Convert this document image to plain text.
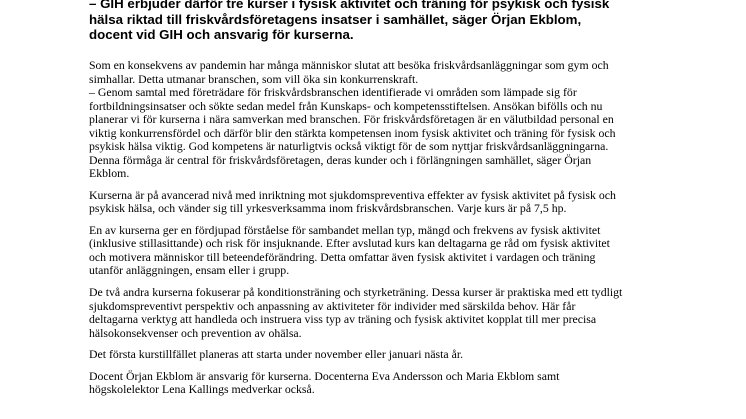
– GIH erbjuder därför tre kurser i fysisk aktivitet och träning för psykisk och fysisk
hälsa riktad till friskvårdsföretagens insatser i samhället, säger Örjan Ekblom,
docent vid GIH och ansvarig för kurserna.

Som en konsekvens av pandemin har många människor slutat att besöka friskvårdsanläggningar som gym och
simhallar. Detta utmanar branschen, som vill öka sin konkurrenskraft.
– Genom samtal med företrädare för friskvårdsbranschen identifierade vi områden som lämpade sig för
fortbildningsinsatser och sökte sedan medel från Kunskaps- och kompetensstiftelsen. Ansökan bifölls och nu
planerar vi för kurserna i nära samverkan med branschen. För friskvårdsföretagen är en välutbildad personal en
viktig konkurrensfördel och därför blir den stärkta kompetensen inom fysisk aktivitet och träning för fysisk och
psykisk hälsa viktig. God kompetens är naturligtvis också viktigt för de som nyttjar friskvårdsanläggningarna.
Denna förmåga är central för friskvårdsföretagen, deras kunder och i förlängningen samhället, säger Örjan
Ekblom.

Kurserna är på avancerad nivå med inriktning mot sjukdomspreventiva effekter av fysisk aktivitet på fysisk och
psykisk hälsa, och vänder sig till yrkesverksamma inom friskvårdsbranschen. Varje kurs är på 7,5 hp.

En av kurserna ger en fördjupad förståelse för sambandet mellan typ, mängd och frekvens av fysisk aktivitet
(inklusive stillasittande) och risk för insjuknande. Efter avslutad kurs kan deltagarna ge råd om fysisk aktivitet
och motivera människor till beteendeförändring. Detta omfattar även fysisk aktivitet i vardagen och träning
utanför anläggningen, ensam eller i grupp.

De två andra kurserna fokuserar på konditionsträning och styrketräning. Dessa kurser är praktiska med ett tydligt
sjukdomspreventivt perspektiv och anpassning av aktiviteter för individer med särskilda behov. Här får
deltagarna verktyg att handleda och instruera viss typ av träning och fysisk aktivitet kopplat till mer precisa
hälsokonsekvenser och prevention av ohälsa.

Det första kurstillfället planeras att starta under november eller januari nästa år.

Docent Örjan Ekblom är ansvarig för kurserna. Docenterna Eva Andersson och Maria Ekblom samt
högskolelektor Lena Kallings medverkar också.
